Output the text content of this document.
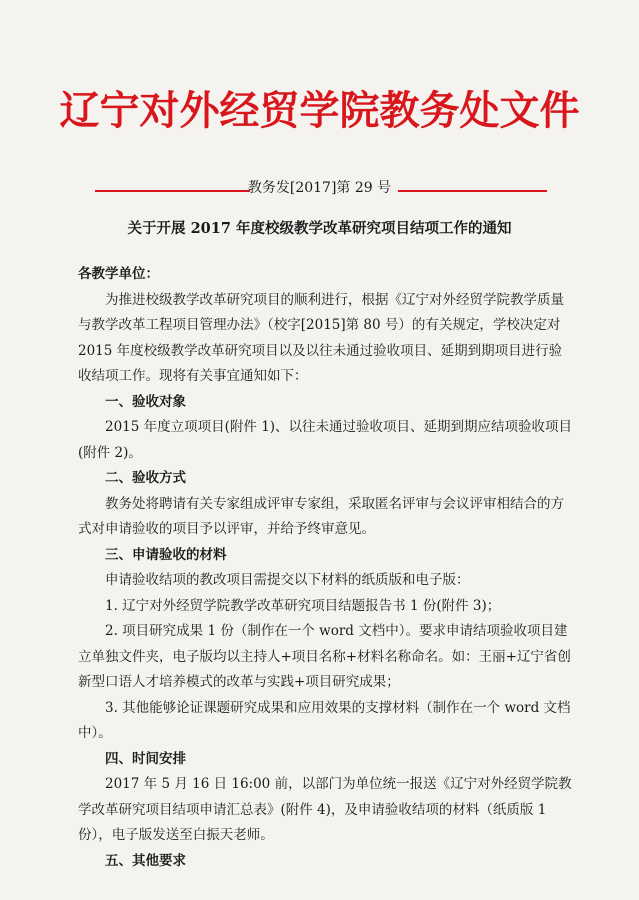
辽宁对外经贸学院教务处文件
教务发[2017]第 29 号
关于开展 2017 年度校级教学改革研究项目结项工作的通知

各教学单位：

为推进校级教学改革研究项目的顺利进行，根据《辽宁对外经贸学院教学质量与教学改革工程项目管理办法》（校字[2015]第 80 号）的有关规定，学校决定对 2015 年度校级教学改革研究项目以及以往未通过验收项目、延期到期项目进行验收结项工作。现将有关事宜通知如下：

一、验收对象

2015 年度立项项目(附件 1)、以往未通过验收项目、延期到期应结项验收项目(附件 2)。

二、验收方式

教务处将聘请有关专家组成评审专家组，采取匿名评审与会议评审相结合的方式对申请验收的项目予以评审，并给予终审意见。

三、申请验收的材料

申请验收结项的教改项目需提交以下材料的纸质版和电子版：

1. 辽宁对外经贸学院教学改革研究项目结题报告书 1 份(附件 3)；

2. 项目研究成果 1 份（制作在一个 word 文档中）。要求申请结项验收项目建立单独文件夹，电子版均以主持人+项目名称+材料名称命名。如：王丽+辽宁省创新型口语人才培养模式的改革与实践+项目研究成果；

3. 其他能够论证课题研究成果和应用效果的支撑材料（制作在一个 word 文档中）。

四、时间安排

2017 年 5 月 16 日 16:00 前，以部门为单位统一报送《辽宁对外经贸学院教学改革研究项目结项申请汇总表》(附件 4)，及申请验收结项的材料（纸质版 1 份），电子版发送至白振天老师。

五、其他要求
